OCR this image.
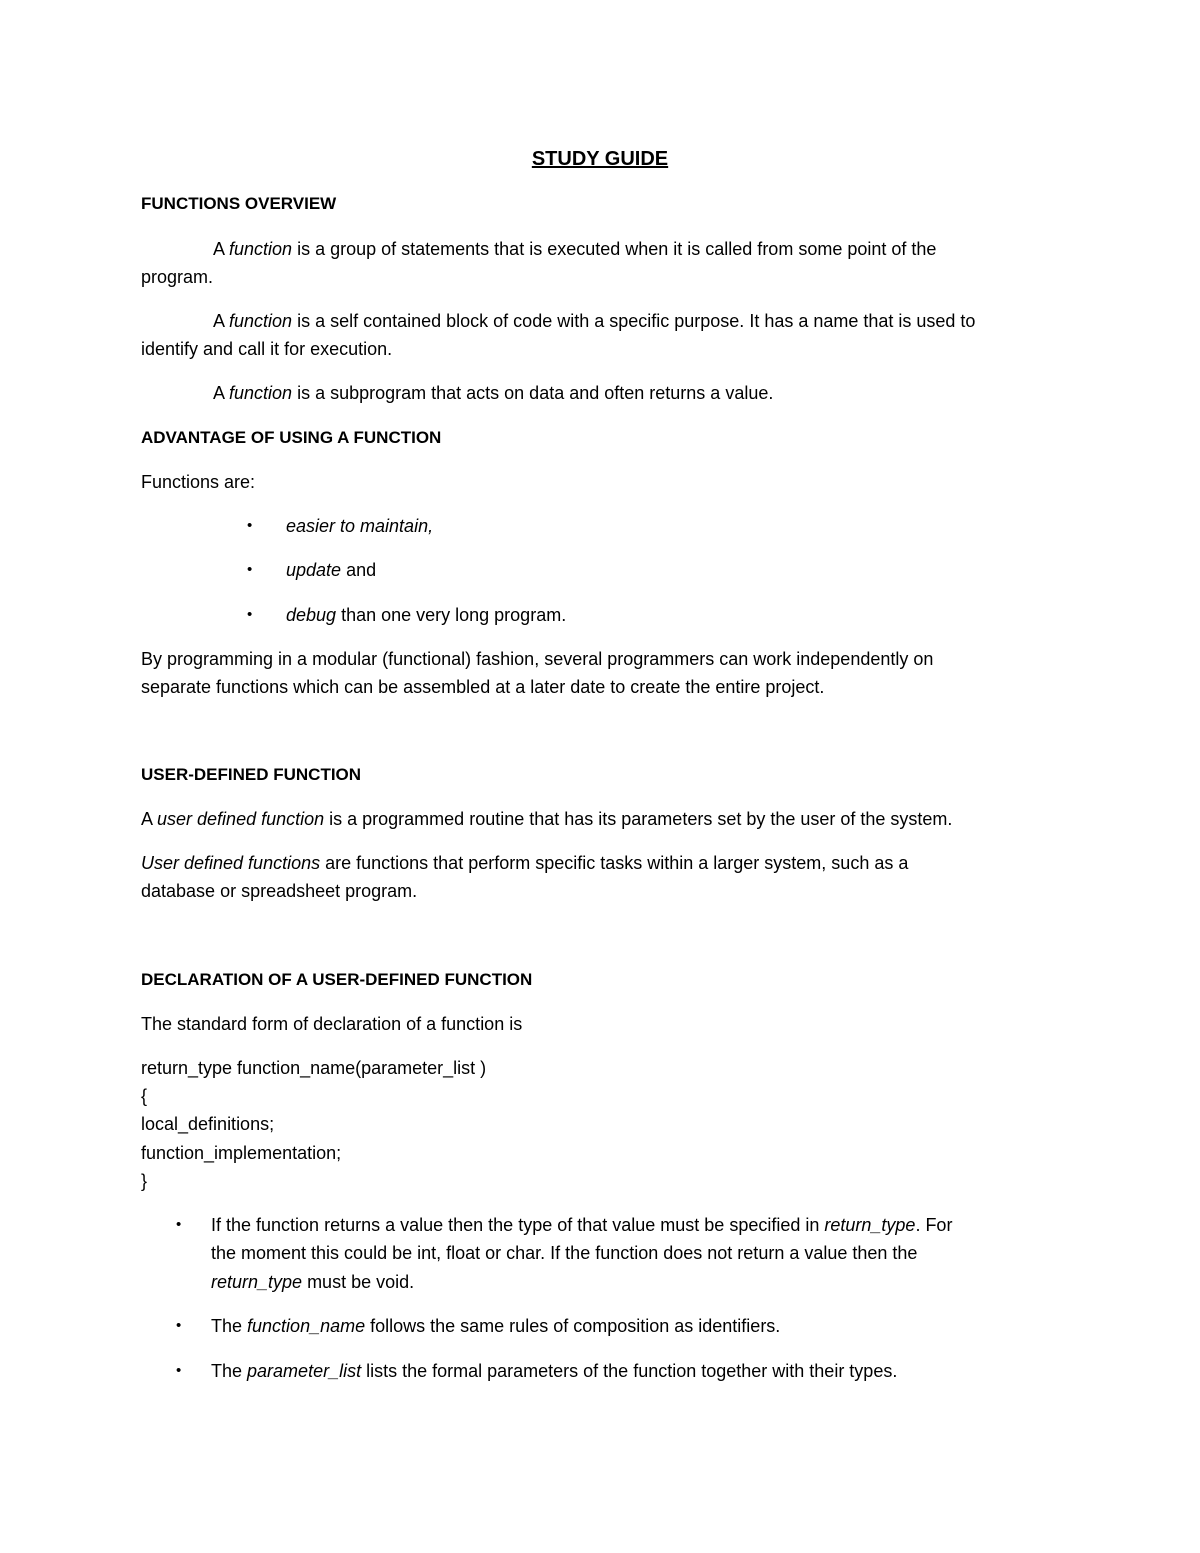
STUDY GUIDE
FUNCTIONS OVERVIEW
A function is a group of statements that is executed when it is called from some point of the
program.
A function is a self contained block of code with a specific purpose. It has a name that is used to
identify and call it for execution.
A function is a subprogram that acts on data and often returns a value.
ADVANTAGE OF USING A FUNCTION
Functions are:
• easier to maintain,
• update and
• debug than one very long program.
By programming in a modular (functional) fashion, several programmers can work independently on
separate functions which can be assembled at a later date to create the entire project.
USER-DEFINED FUNCTION
A user defined function is a programmed routine that has its parameters set by the user of the system.
User defined functions are functions that perform specific tasks within a larger system, such as a
database or spreadsheet program.
DECLARATION OF A USER-DEFINED FUNCTION
The standard form of declaration of a function is
return_type function_name(parameter_list )
{
local_definitions;
function_implementation;
}
• If the function returns a value then the type of that value must be specified in return_type. For
the moment this could be int, float or char. If the function does not return a value then the
return_type must be void.
• The function_name follows the same rules of composition as identifiers.
• The parameter_list lists the formal parameters of the function together with their types.
